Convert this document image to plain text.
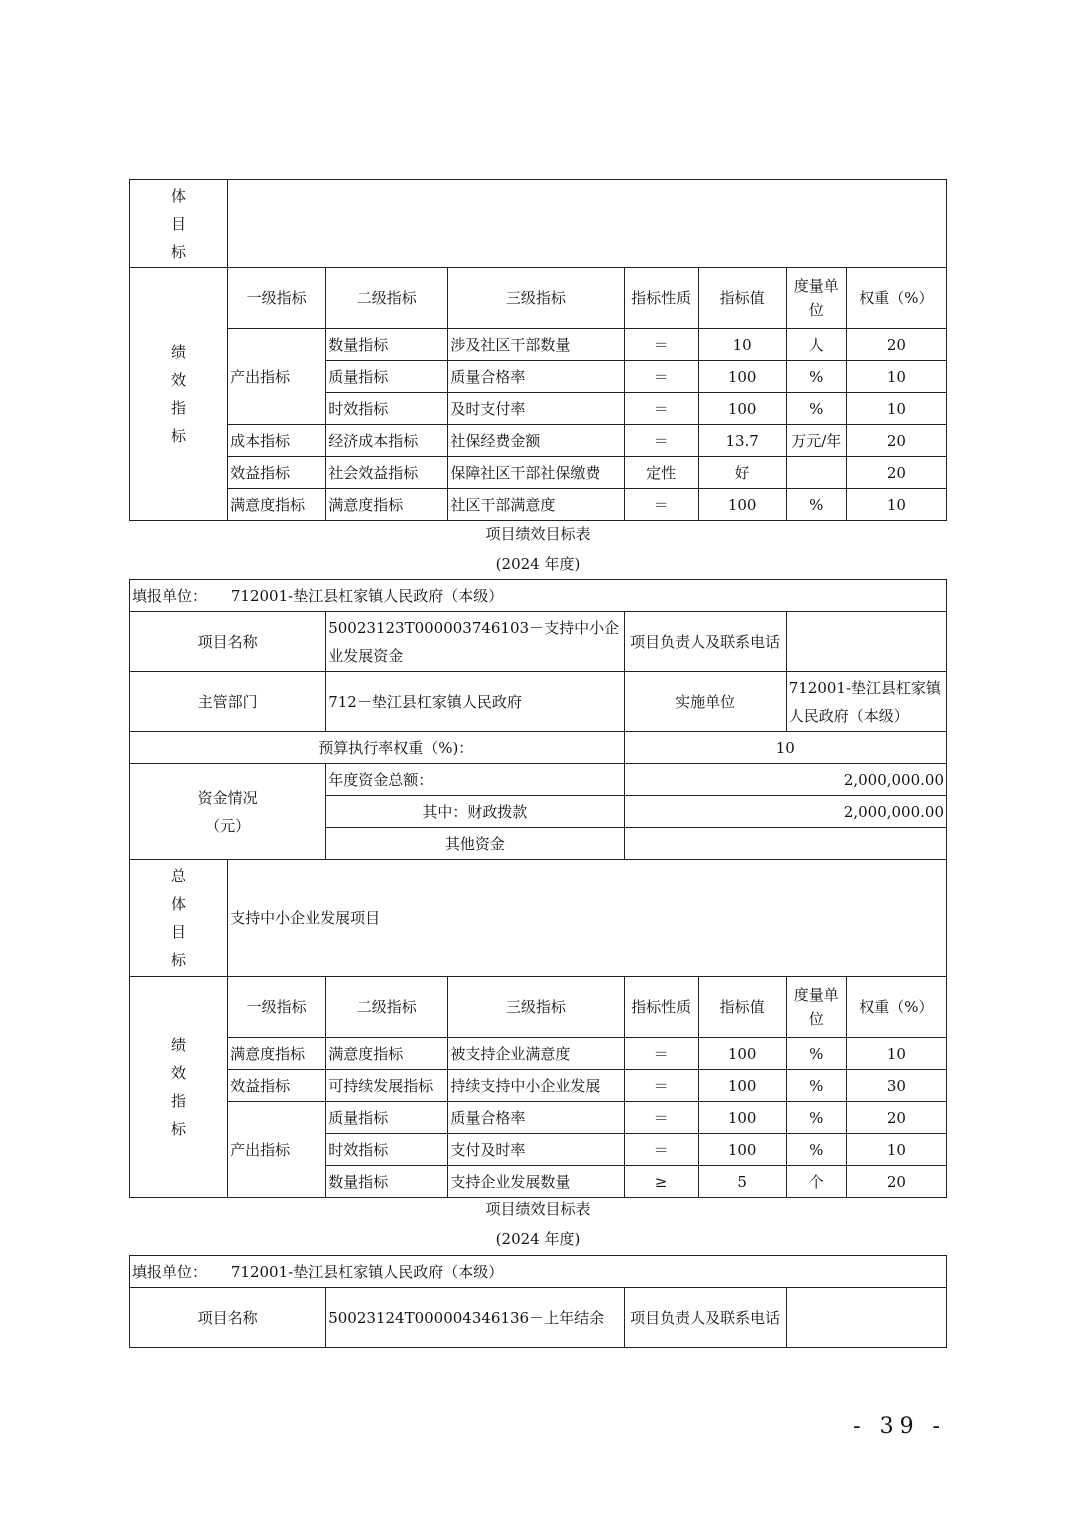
体
目
标							
绩
效
指
标	一级指标	二级指标	三级指标	指标性质	指标值	度量单位	权重（%）
	产出指标	数量指标	涉及社区干部数量	＝	10	人	20
		质量指标	质量合格率	＝	100	%	10
		时效指标	及时支付率	＝	100	%	10
	成本指标	经济成本指标	社保经费金额	＝	13.7	万元/年	20
	效益指标	社会效益指标	保障社区干部社保缴费	定性	好		20
	满意度指标	满意度指标	社区干部满意度	＝	100	%	10
项目绩效目标表
(2024 年度)
填报单位： 712001-垫江县杠家镇人民政府（本级）							
项目名称		50023123T000003746103－支持中小企业发展资金		项目负责人及联系电话			
主管部门		712－垫江县杠家镇人民政府		实施单位		712001-垫江县杠家镇人民政府（本级）	
预算执行率权重（%)：				10			
资金情况
（元）		年度资金总额：		2,000,000.00			
		其中：财政拨款		2,000,000.00			
		其他资金					
总
体
目
标	支持中小企业发展项目						
绩
效
指
标	一级指标	二级指标	三级指标	指标性质	指标值	度量单位	权重（%）
	满意度指标	满意度指标	被支持企业满意度	＝	100	%	10
	效益指标	可持续发展指标	持续支持中小企业发展	＝	100	%	30
	产出指标	质量指标	质量合格率	＝	100	%	20
		时效指标	支付及时率	＝	100	%	10
		数量指标	支持企业发展数量	≥	5	个	20
项目绩效目标表
(2024 年度)
填报单位： 712001-垫江县杠家镇人民政府（本级）
项目名称	50023124T000004346136－上年结余	项目负责人及联系电话	
- 39 -
